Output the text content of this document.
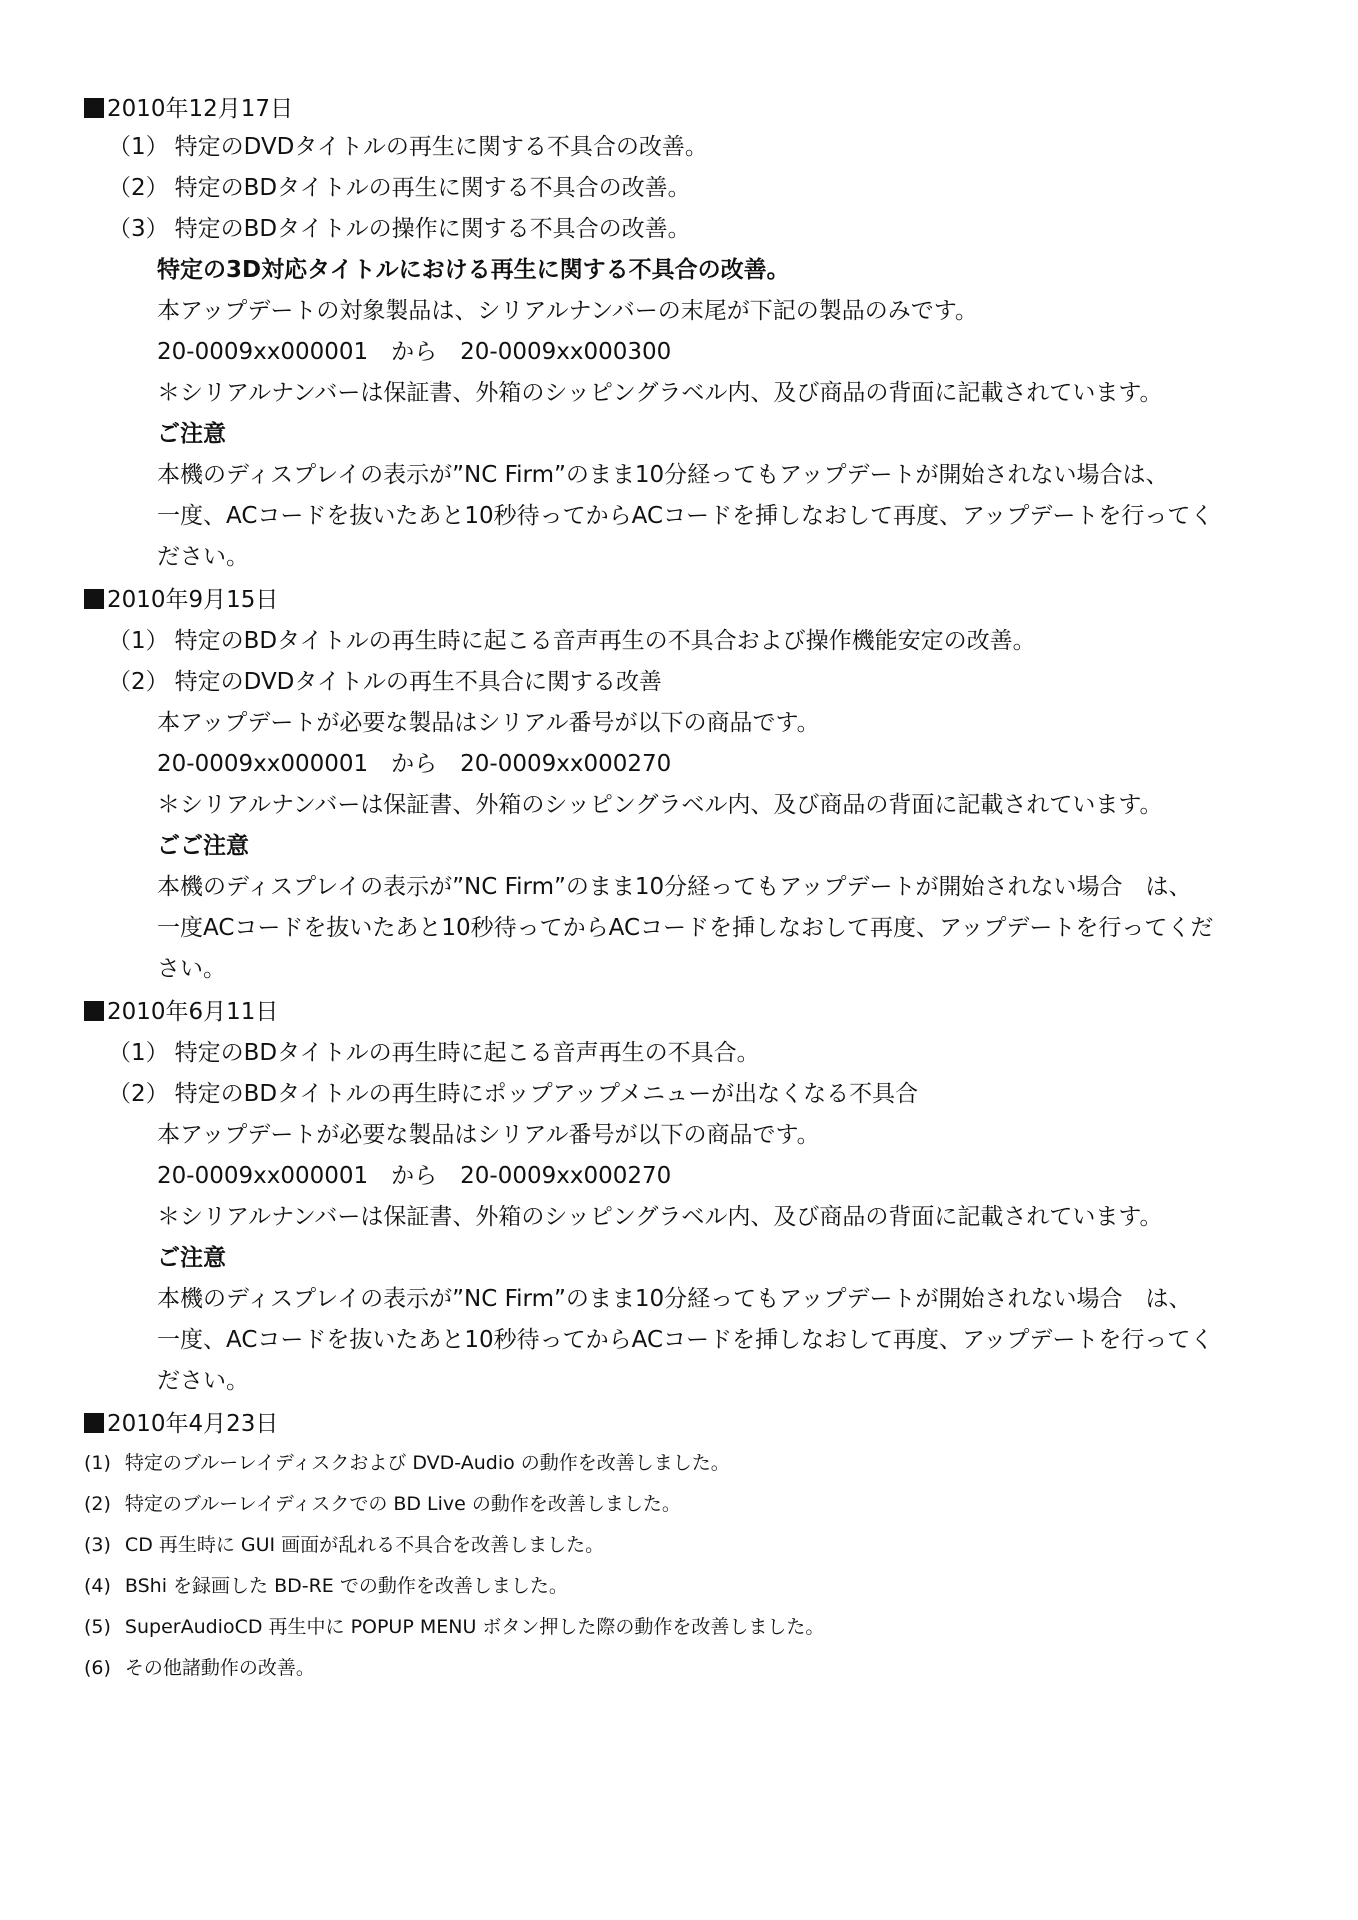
2010年12月17日
（1） 特定のDVDタイトルの再生に関する不具合の改善。
（2） 特定のBDタイトルの再生に関する不具合の改善。
（3） 特定のBDタイトルの操作に関する不具合の改善。
特定の3D対応タイトルにおける再生に関する不具合の改善。
本アップデートの対象製品は、シリアルナンバーの末尾が下記の製品のみです。
20-0009xx000001　から　20-0009xx000300
＊シリアルナンバーは保証書、外箱のシッピングラベル内、及び商品の背面に記載されています。
ご注意
本機のディスプレイの表示が”NC Firm”のまま10分経ってもアップデートが開始されない場合は、
一度、ACコードを抜いたあと10秒待ってからACコードを挿しなおして再度、アップデートを行ってく
ださい。
2010年9月15日
（1） 特定のBDタイトルの再生時に起こる音声再生の不具合および操作機能安定の改善。
（2） 特定のDVDタイトルの再生不具合に関する改善
本アップデートが必要な製品はシリアル番号が以下の商品です。
20-0009xx000001　から　20-0009xx000270
＊シリアルナンバーは保証書、外箱のシッピングラベル内、及び商品の背面に記載されています。
ごご注意
本機のディスプレイの表示が”NC Firm”のまま10分経ってもアップデートが開始されない場合　は、
一度ACコードを抜いたあと10秒待ってからACコードを挿しなおして再度、アップデートを行ってくだ
さい。
2010年6月11日
（1） 特定のBDタイトルの再生時に起こる音声再生の不具合。
（2） 特定のBDタイトルの再生時にポップアップメニューが出なくなる不具合
本アップデートが必要な製品はシリアル番号が以下の商品です。
20-0009xx000001　から　20-0009xx000270
＊シリアルナンバーは保証書、外箱のシッピングラベル内、及び商品の背面に記載されています。
ご注意
本機のディスプレイの表示が”NC Firm”のまま10分経ってもアップデートが開始されない場合　は、
一度、ACコードを抜いたあと10秒待ってからACコードを挿しなおして再度、アップデートを行ってく
ださい。
2010年4月23日
(1) 特定のブルーレイディスクおよび DVD-Audio の動作を改善しました。
(2) 特定のブルーレイディスクでの BD Live の動作を改善しました。
(3) CD 再生時に GUI 画面が乱れる不具合を改善しました。
(4) BShi を録画した BD-RE での動作を改善しました。
(5) SuperAudioCD 再生中に POPUP MENU ボタン押した際の動作を改善しました。
(6) その他諸動作の改善。
